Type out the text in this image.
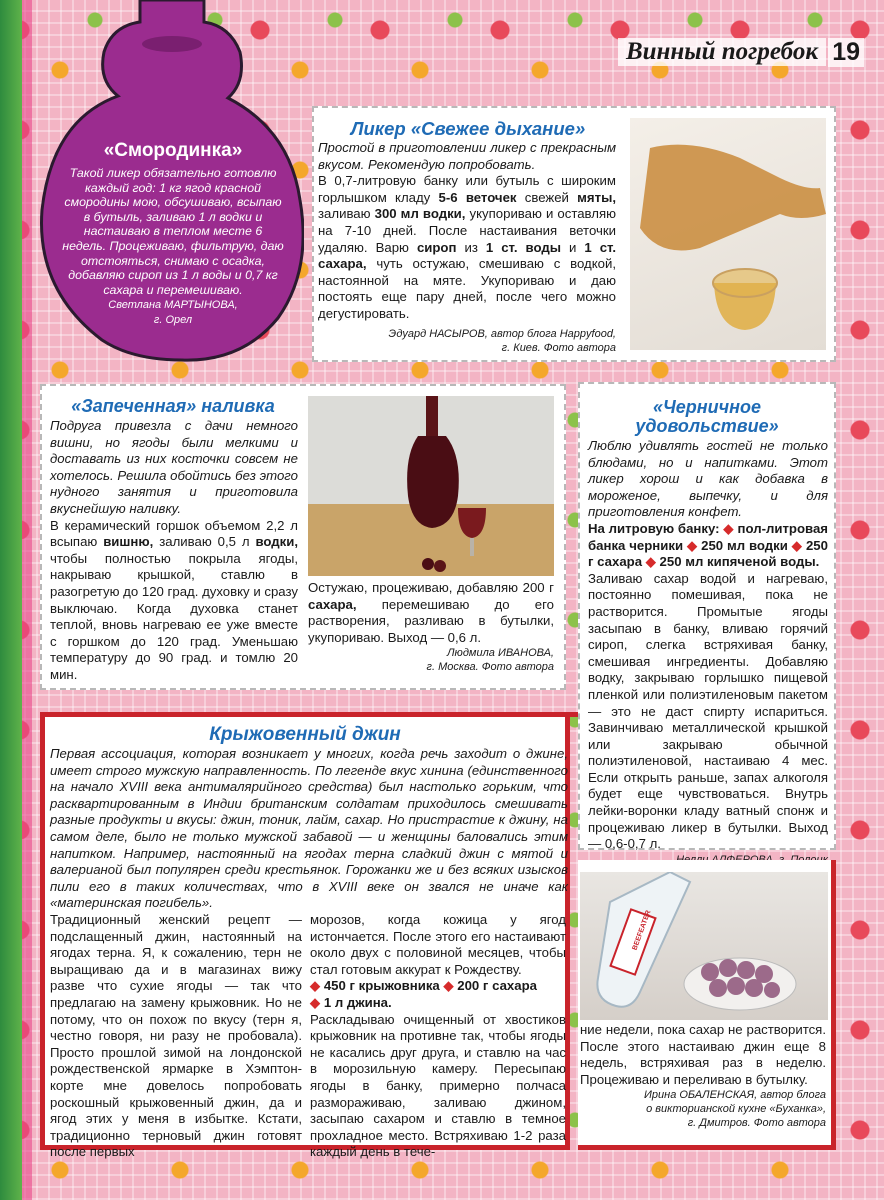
Винный погребок 19
«Смородинка»
Такой ликер обязательно готовлю каждый год: 1 кг ягод красной смородины мою, обсушиваю, всыпаю в бутыль, заливаю 1 л водки и настаиваю в теплом месте 6 недель. Процеживаю, фильтрую, даю отстояться, снимаю с осадка, добавляю сироп из 1 л воды и 0,7 кг сахара и перемешиваю.
Светлана МАРТЫНОВА,
г. Орел
Ликер «Свежее дыхание»

Простой в приготовлении ликер с прекрасным вкусом. Рекомендую попробовать.

В 0,7-литровую банку или бутыль с широким горлышком кладу 5-6 веточек свежей мяты, заливаю 300 мл водки, укупориваю и оставляю на 7-10 дней. После настаивания веточки удаляю. Варю сироп из 1 ст. воды и 1 ст. сахара, чуть остужаю, смешиваю с водкой, настоянной на мяте. Укупориваю и даю постоять еще пару дней, после чего можно дегустировать.

Эдуард НАСЫРОВ, автор блога Happyfood,

г. Киев. Фото автора

«Запеченная» наливка

Подруга привезла с дачи немного вишни, но ягоды были мелкими и доставать из них косточки совсем не хотелось. Решила обойтись без этого нудного занятия и приготовила вкуснейшую наливку.

В керамический горшок объемом 2,2 л всыпаю вишню, заливаю 0,5 л водки, чтобы полностью покрыла ягоды, накрываю крышкой, ставлю в разогретую до 120 град. духовку и сразу выключаю. Когда духовка станет теплой, вновь нагреваю ее уже вместе с горшком до 120 град. Уменьшаю температуру до 90 град. и томлю 20 мин.

Остужаю, процеживаю, добавляю 200 г сахара, перемешиваю до его растворения, разливаю в бутылки, укупориваю. Выход — 0,6 л.

Людмила ИВАНОВА,

г. Москва. Фото автора

«Черничное
удовольствие»

Люблю удивлять гостей не только блюдами, но и напитками. Этот ликер хорош и как добавка в мороженое, выпечку, и для приготовления конфет.

На литровую банку: ◆ пол-литровая банка черники ◆ 250 мл водки ◆ 250 г сахара ◆ 250 мл кипяченой воды.

Заливаю сахар водой и нагреваю, постоянно помешивая, пока не растворится. Промытые ягоды засыпаю в банку, вливаю горячий сироп, слегка встряхивая банку, смешивая ингредиенты. Добавляю водку, закрываю горлышко пищевой пленкой или полиэтиленовым пакетом — это не даст спирту испариться. Завинчиваю металлической крышкой или закрываю обычной полиэтиленовой, настаиваю 4 мес. Если открыть раньше, запах алкоголя будет еще чувствоваться. Внутрь лейки-воронки кладу ватный спонж и процеживаю ликер в бутылки. Выход — 0,6-0,7 л.

Крыжовенный джин
Первая ассоциация, которая возникает у многих, когда речь заходит о джине, имеет строго мужскую направленность. По легенде вкус хинина (единственного на начало XVIII века антималярийного средства) был настолько горьким, что расквартированным в Индии британским солдатам приходилось смешивать разные продукты и вкусы: джин, тоник, лайм, сахар. Но пристрастие к джину, на самом деле, было не только мужской забавой — и женщины баловались этим напитком. Например, настоянный на ягодах терна сладкий джин с мятой и валерианой был популярен среди крестьянок. Горожанки же и без всяких изысков пили его в таких количествах, что в XVIII веке он звался не иначе как «материнская погибель».
Традиционный женский рецепт — подслащенный джин, настоянный на ягодах терна. Я, к сожалению, терн не выращиваю да и в магазинах вижу разве что сухие ягоды — так что предлагаю на замену крыжовник. Но не потому, что он похож по вкусу (терн я, честно говоря, ни разу не пробовала). Просто прошлой зимой на лондонской рождественской ярмарке в Хэмптон-корте мне довелось попробовать роскошный крыжовенный джин, да и ягод этих у меня в избытке. Кстати, традиционно терновый джин готовят после первых

морозов, когда кожица у ягод истончается. После этого его настаивают около двух с половиной месяцев, чтобы стал готовым аккурат к Рождеству.

◆ 450 г крыжовника ◆ 200 г сахара
◆ 1 л джина.

Раскладываю очищенный от хвостиков крыжовник на противне так, чтобы ягоды не касались друг друга, и ставлю на час в морозильную камеру. Пересыпаю ягоды в банку, примерно полчаса размораживаю, заливаю джином, засыпаю сахаром и ставлю в темное прохладное место. Встряхиваю 1-2 раза каждый день в тече-

BEEFEATER

ние недели, пока сахар не растворится. После этого настаиваю джин еще 8 недель, встряхивая раз в неделю. Процеживаю и переливаю в бутылку.

Ирина ОБАЛЕНСКАЯ, автор блога

о викторианской кухне «Буханка»,

г. Дмитров. Фото автора
